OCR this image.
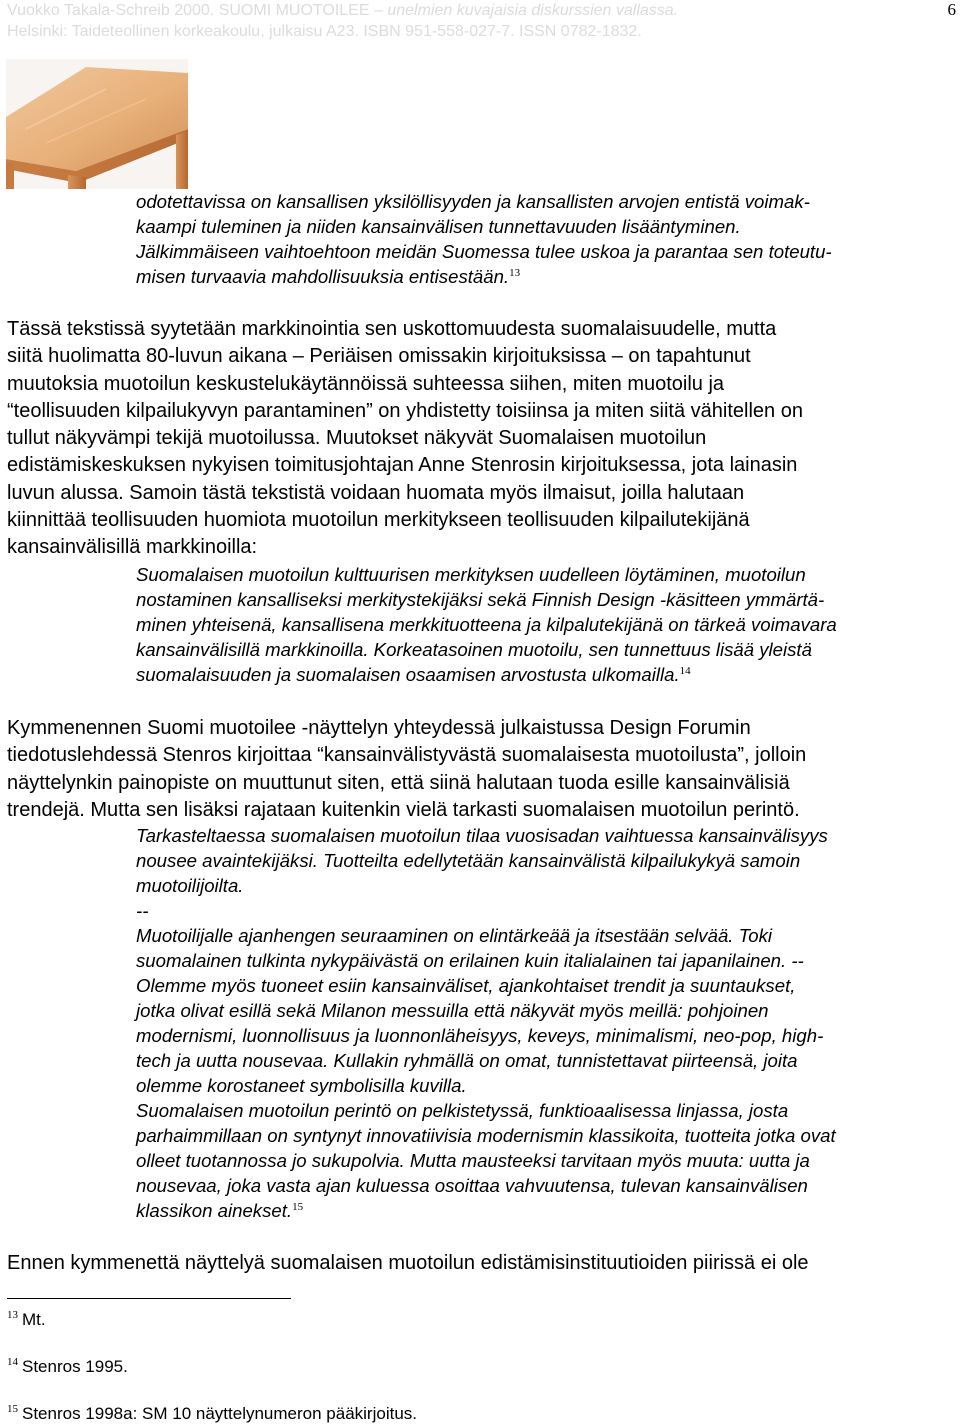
Vuokko Takala-Schreib 2000. SUOMI MUOTOILEE – unelmien kuvajaisia diskurssien vallassa.
Helsinki: Taideteollinen korkeakoulu, julkaisu A23. ISBN 951-558-027-7. ISSN 0782-1832.
6
odotettavissa on kansallisen yksilöllisyyden ja kansallisten arvojen entistä voimak-
kaampi tuleminen ja niiden kansainvälisen tunnettavuuden lisääntyminen.
Jälkimmäiseen vaihtoehtoon meidän Suomessa tulee uskoa ja parantaa sen toteutu-
misen turvaavia mahdollisuuksia entisestään.$^{13}$
Tässä tekstissä syytetään markkinointia sen uskottomuudesta suomalaisuudelle, mutta
siitä huolimatta 80-luvun aikana – Periäisen omissakin kirjoituksissa – on tapahtunut
muutoksia muotoilun keskustelukäytännöissä suhteessa siihen, miten muotoilu ja
“teollisuuden kilpailukyvyn parantaminen” on yhdistetty toisiinsa ja miten siitä vähitellen on
tullut näkyvämpi tekijä muotoilussa. Muutokset näkyvät Suomalaisen muotoilun
edistämiskeskuksen nykyisen toimitusjohtajan Anne Stenrosin kirjoituksessa, jota lainasin
luvun alussa. Samoin tästä tekstistä voidaan huomata myös ilmaisut, joilla halutaan
kiinnittää teollisuuden huomiota muotoilun merkitykseen teollisuuden kilpailutekijänä
kansainvälisillä markkinoilla:
Suomalaisen muotoilun kulttuurisen merkityksen uudelleen löytäminen, muotoilun
nostaminen kansalliseksi merkitystekijäksi sekä Finnish Design -käsitteen ymmärtä-
minen yhteisenä, kansallisena merkkituotteena ja kilpalutekijänä on tärkeä voimavara
kansainvälisillä markkinoilla. Korkeatasoinen muotoilu, sen tunnettuus lisää yleistä
suomalaisuuden ja suomalaisen osaamisen arvostusta ulkomailla.$^{14}$
Kymmenennen Suomi muotoilee -näyttelyn yhteydessä julkaistussa Design Forumin
tiedotuslehdessä Stenros kirjoittaa “kansainvälistyvästä suomalaisesta muotoilusta”, jolloin
näyttelynkin painopiste on muuttunut siten, että siinä halutaan tuoda esille kansainvälisiä
trendejä. Mutta sen lisäksi rajataan kuitenkin vielä tarkasti suomalaisen muotoilun perintö.
Tarkasteltaessa suomalaisen muotoilun tilaa vuosisadan vaihtuessa kansainvälisyys
nousee avaintekijäksi. Tuotteilta edellytetään kansainvälistä kilpailukykyä samoin
muotoilijoilta.
--
Muotoilijalle ajanhengen seuraaminen on elintärkeää ja itsestään selvää. Toki
suomalainen tulkinta nykypäivästä on erilainen kuin italialainen tai japanilainen. --
Olemme myös tuoneet esiin kansainväliset, ajankohtaiset trendit ja suuntaukset,
jotka olivat esillä sekä Milanon messuilla että näkyvät myös meillä: pohjoinen
modernismi, luonnollisuus ja luonnonläheisyys, keveys, minimalismi, neo-pop, high-
tech ja uutta nousevaa. Kullakin ryhmällä on omat, tunnistettavat piirteensä, joita
olemme korostaneet symbolisilla kuvilla.
Suomalaisen muotoilun perintö on pelkistetyssä, funktioaalisessa linjassa, josta
parhaimmillaan on syntynyt innovatiivisia modernismin klassikoita, tuotteita jotka ovat
olleet tuotannossa jo sukupolvia. Mutta mausteeksi tarvitaan myös muuta: uutta ja
nousevaa, joka vasta ajan kuluessa osoittaa vahvuutensa, tulevan kansainvälisen
klassikon ainekset.$^{15}$
Ennen kymmenettä näyttelyä suomalaisen muotoilun edistämisinstituutioiden piirissä ei ole
$^{13}$ Mt.
$^{14}$ Stenros 1995.
$^{15}$ Stenros 1998a: SM 10 näyttelynumeron pääkirjoitus.
